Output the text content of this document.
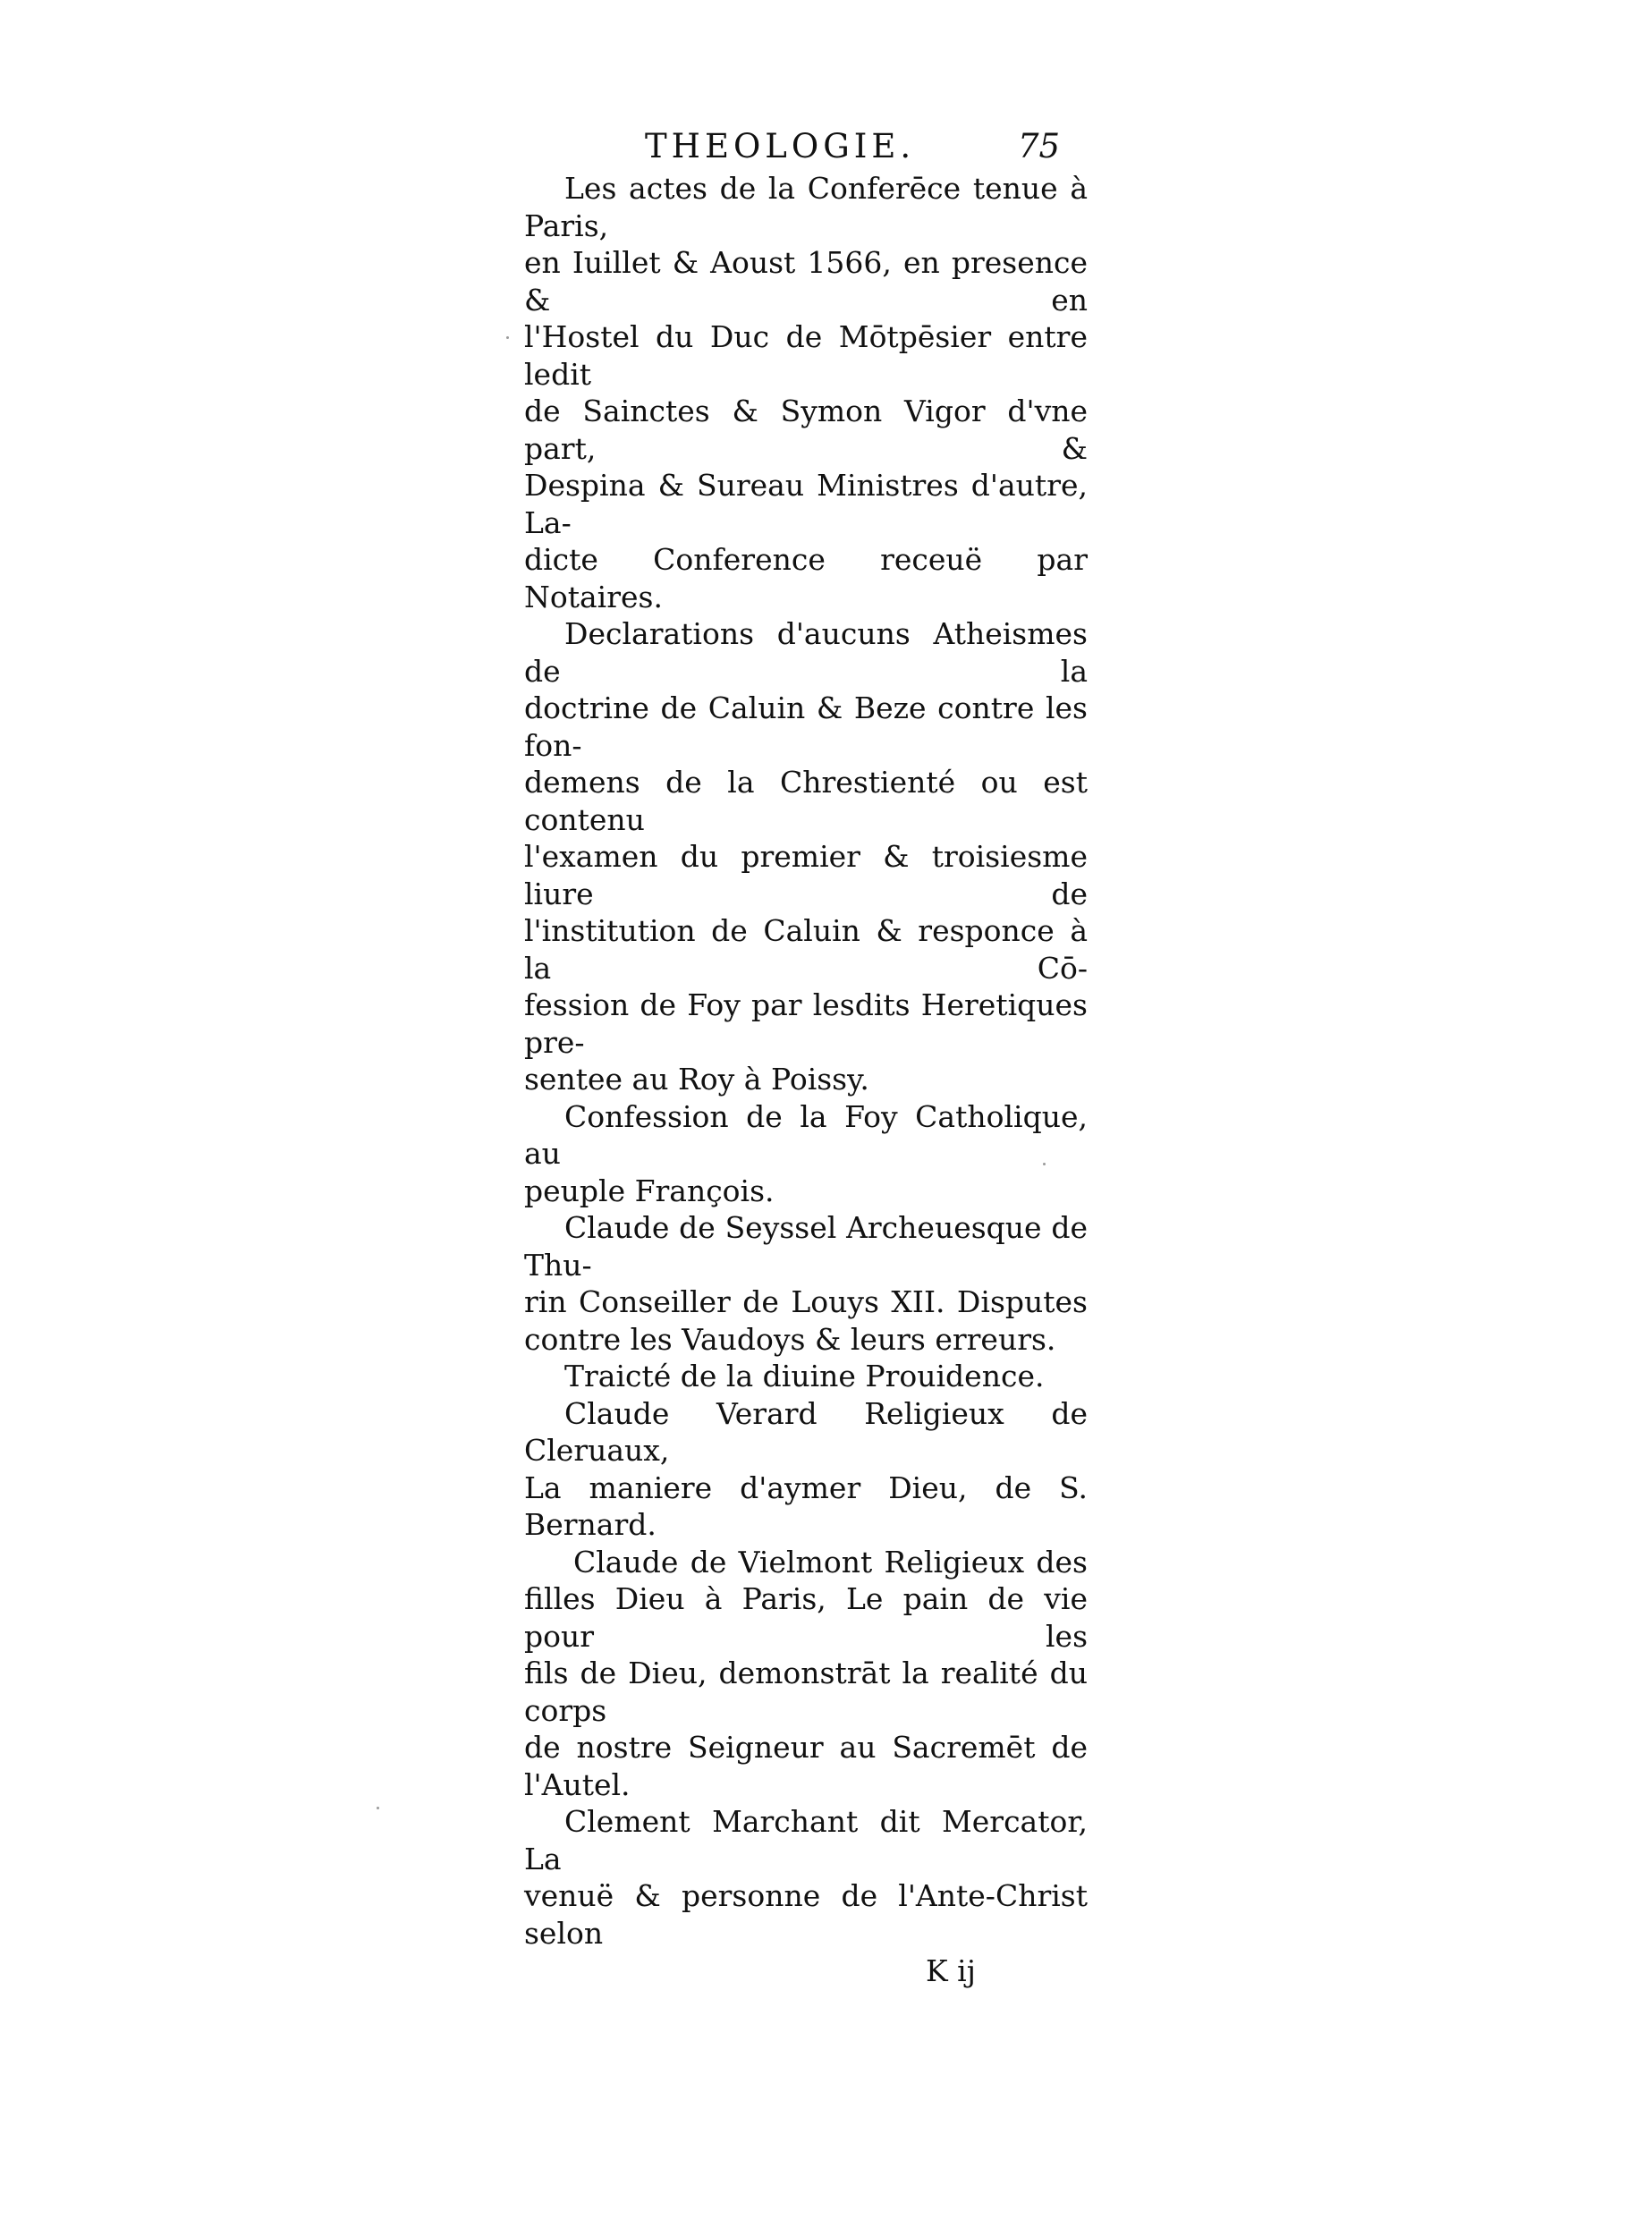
THEOLOGIE.	75

Les actes de la Conferēce tenue à Paris,
en Iuillet & Aoust 1566, en presence & en
l'Hostel du Duc de Mōtpēsier entre ledit
de Sainctes & Symon Vigor d'vne part, &
Despina & Sureau Ministres d'autre, La-
dicte Conference receuë par Notaires.

Declarations d'aucuns Atheismes de la
doctrine de Caluin & Beze contre les fon-
demens de la Chrestienté ou est contenu
l'examen du premier & troisiesme liure de
l'institution de Caluin & responce à la Cō-
fession de Foy par lesdits Heretiques pre-
sentee au Roy à Poissy.

Confession de la Foy Catholique, au
peuple François.

Claude de Seyssel Archeuesque de Thu-
rin Conseiller de Louys XII. Disputes
contre les Vaudoys & leurs erreurs.

Traicté de la diuine Prouidence.

Claude Verard Religieux de Cleruaux,
La maniere d'aymer Dieu, de S. Bernard.

Claude de Vielmont Religieux des
filles Dieu à Paris, Le pain de vie pour les
fils de Dieu, demonstrāt la realité du corps
de nostre Seigneur au Sacremēt de l'Autel.

Clement Marchant dit Mercator, La
venuë & personne de l'Ante-Christ selon

K ij
